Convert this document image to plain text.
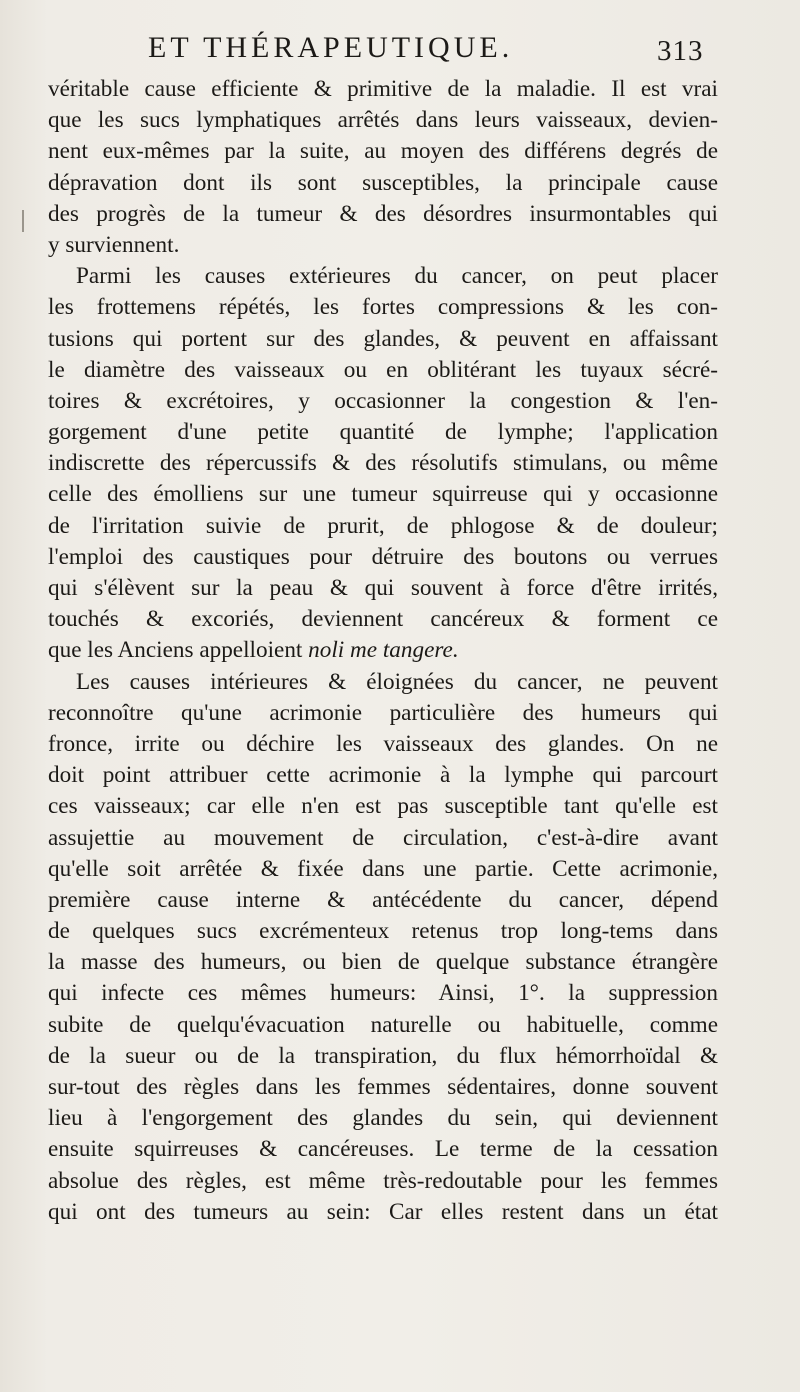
ET THÉRAPEUTIQUE.	313
véritable cause efficiente & primitive de la maladie. Il est vrai
que les sucs lymphatiques arrêtés dans leurs vaisseaux, devien-
nent eux-mêmes par la suite, au moyen des différens degrés de
dépravation dont ils sont susceptibles, la principale cause
des progrès de la tumeur & des désordres insurmontables qui
y surviennent.
Parmi les causes extérieures du cancer, on peut placer
les frottemens répétés, les fortes compressions & les con-
tusions qui portent sur des glandes, & peuvent en affaissant
le diamètre des vaisseaux ou en oblitérant les tuyaux sécré-
toires & excrétoires, y occasionner la congestion & l'en-
gorgement d'une petite quantité de lymphe; l'application
indiscrette des répercussifs & des résolutifs stimulans, ou même
celle des émolliens sur une tumeur squirreuse qui y occasionne
de l'irritation suivie de prurit, de phlogose & de douleur;
l'emploi des caustiques pour détruire des boutons ou verrues
qui s'élèvent sur la peau & qui souvent à force d'être irrités,
touchés & excoriés, deviennent cancéreux & forment ce
que les Anciens appelloient noli me tangere.
Les causes intérieures & éloignées du cancer, ne peuvent
reconnoître qu'une acrimonie particulière des humeurs qui
fronce, irrite ou déchire les vaisseaux des glandes. On ne
doit point attribuer cette acrimonie à la lymphe qui parcourt
ces vaisseaux; car elle n'en est pas susceptible tant qu'elle est
assujettie au mouvement de circulation, c'est-à-dire avant
qu'elle soit arrêtée & fixée dans une partie. Cette acrimonie,
première cause interne & antécédente du cancer, dépend
de quelques sucs excrémenteux retenus trop long-tems dans
la masse des humeurs, ou bien de quelque substance étrangère
qui infecte ces mêmes humeurs: Ainsi, 1°. la suppression
subite de quelqu'évacuation naturelle ou habituelle, comme
de la sueur ou de la transpiration, du flux hémorrhoïdal &
sur-tout des règles dans les femmes sédentaires, donne souvent
lieu à l'engorgement des glandes du sein, qui deviennent
ensuite squirreuses & cancéreuses. Le terme de la cessation
absolue des règles, est même très-redoutable pour les femmes
qui ont des tumeurs au sein: Car elles restent dans un état
